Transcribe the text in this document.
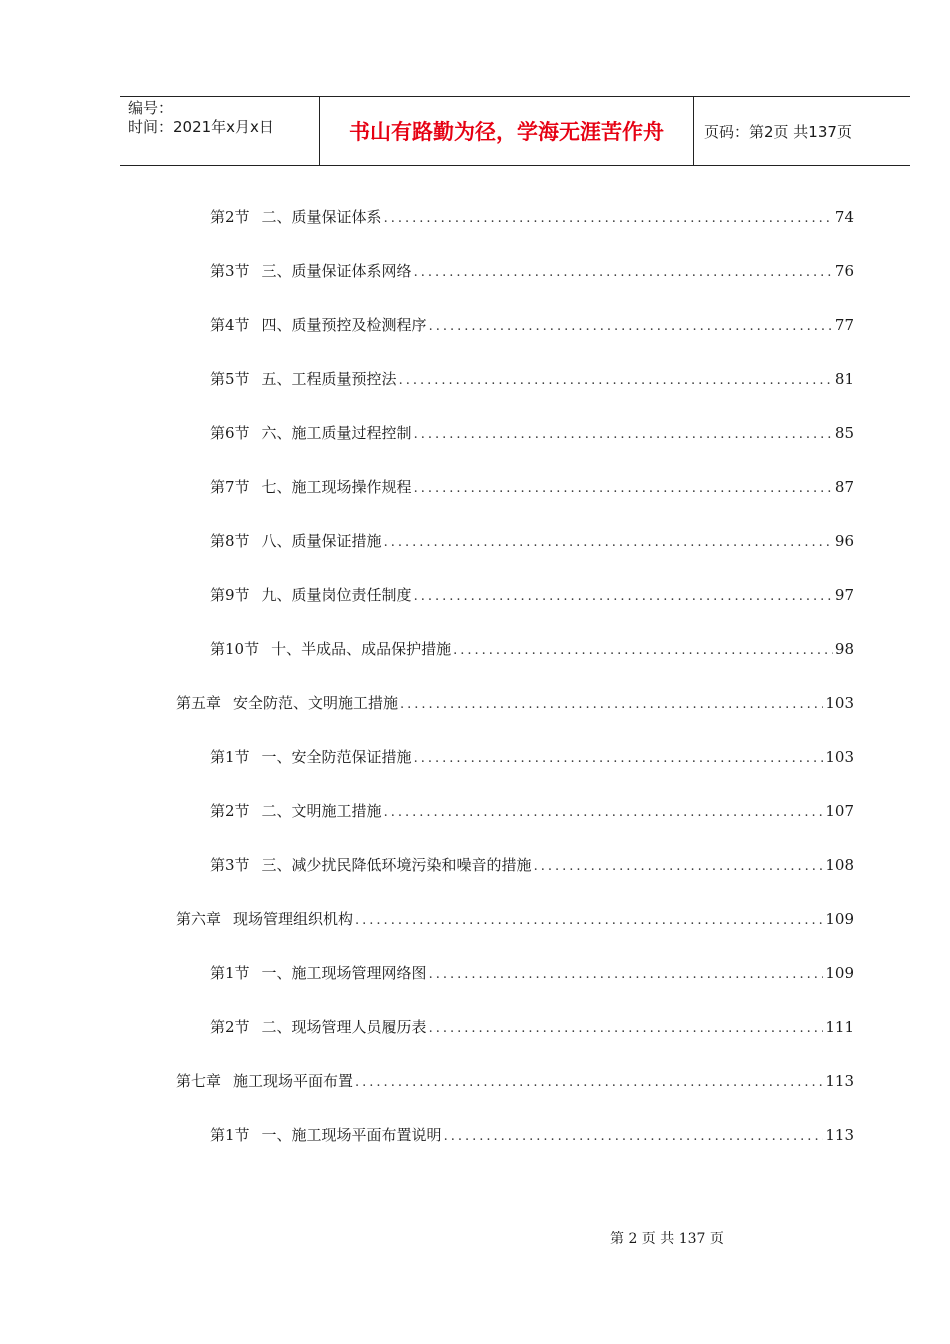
编号：
时间：2021年x月x日	书山有路勤为径，学海无涯苦作舟	页码：第2页 共137页
第2节 二、质量保证体系 .....	74
第3节 三、质量保证体系网络 .....	76
第4节 四、质量预控及检测程序 .....	77
第5节 五、工程质量预控法 .....	81
第6节 六、施工质量过程控制 .....	85
第7节 七、施工现场操作规程 .....	87
第8节 八、质量保证措施 .....	96
第9节 九、质量岗位责任制度 .....	97
第10节 十、半成品、成品保护措施 .....	98
第五章 安全防范、文明施工措施 .....	103
第1节 一、安全防范保证措施 .....	103
第2节 二、文明施工措施 .....	107
第3节 三、减少扰民降低环境污染和噪音的措施 .....	108
第六章 现场管理组织机构 .....	109
第1节 一、施工现场管理网络图 .....	109
第2节 二、现场管理人员履历表 .....	111
第七章 施工现场平面布置 .....	113
第1节 一、施工现场平面布置说明 .....	113
第 2 页 共 137 页
